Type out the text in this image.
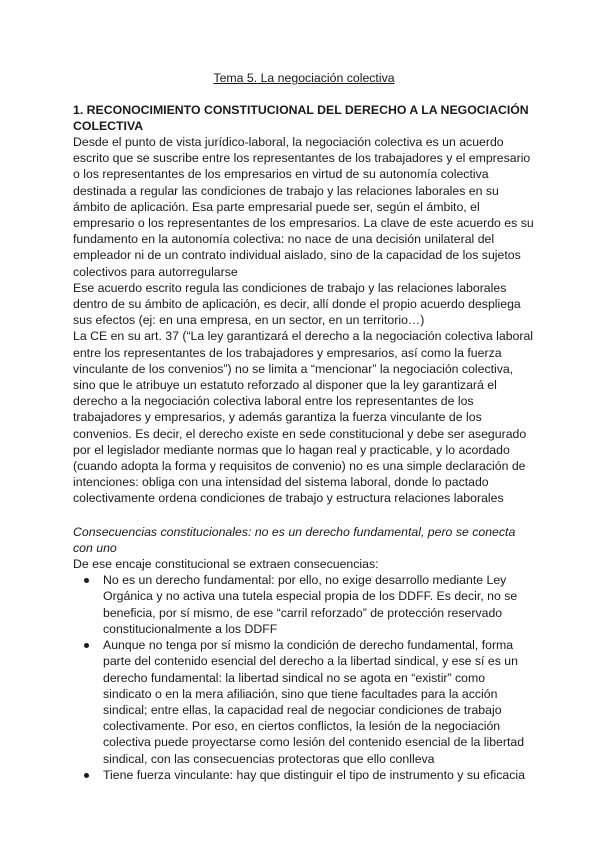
Tema 5. La negociación colectiva
1. RECONOCIMIENTO CONSTITUCIONAL DEL DERECHO A LA NEGOCIACIÓN COLECTIVA

Desde el punto de vista jurídico-laboral, la negociación colectiva es un acuerdo escrito que se suscribe entre los representantes de los trabajadores y el empresario o los representantes de los empresarios en virtud de su autonomía colectiva destinada a regular las condiciones de trabajo y las relaciones laborales en su ámbito de aplicación. Esa parte empresarial puede ser, según el ámbito, el empresario o los representantes de los empresarios. La clave de este acuerdo es su fundamento en la autonomía colectiva: no nace de una decisión unilateral del empleador ni de un contrato individual aislado, sino de la capacidad de los sujetos colectivos para autorregularse

Ese acuerdo escrito regula las condiciones de trabajo y las relaciones laborales dentro de su ámbito de aplicación, es decir, allí donde el propio acuerdo despliega sus efectos (ej: en una empresa, en un sector, en un territorio…)

La CE en su art. 37 (“La ley garantizará el derecho a la negociación colectiva laboral entre los representantes de los trabajadores y empresarios, así como la fuerza vinculante de los convenios”) no se limita a “mencionar” la negociación colectiva, sino que le atribuye un estatuto reforzado al disponer que la ley garantizará el derecho a la negociación colectiva laboral entre los representantes de los trabajadores y empresarios, y además garantiza la fuerza vinculante de los convenios. Es decir, el derecho existe en sede constitucional y debe ser asegurado por el legislador mediante normas que lo hagan real y practicable, y lo acordado (cuando adopta la forma y requisitos de convenio) no es una simple declaración de intenciones: obliga con una intensidad del sistema laboral, donde lo pactado colectivamente ordena condiciones de trabajo y estructura relaciones laborales

Consecuencias constitucionales: no es un derecho fundamental, pero se conecta con uno

De ese encaje constitucional se extraen consecuencias:

No es un derecho fundamental: por ello, no exige desarrollo mediante Ley Orgánica y no activa una tutela especial propia de los DDFF. Es decir, no se beneficia, por sí mismo, de ese “carril reforzado” de protección reservado constitucionalmente a los DDFF
Aunque no tenga por sí mismo la condición de derecho fundamental, forma parte del contenido esencial del derecho a la libertad sindical, y ese sí es un derecho fundamental: la libertad sindical no se agota en “existir” como sindicato o en la mera afiliación, sino que tiene facultades para la acción sindical; entre ellas, la capacidad real de negociar condiciones de trabajo colectivamente. Por eso, en ciertos conflictos, la lesión de la negociación colectiva puede proyectarse como lesión del contenido esencial de la libertad sindical, con las consecuencias protectoras que ello conlleva
Tiene fuerza vinculante: hay que distinguir el tipo de instrumento y su eficacia
